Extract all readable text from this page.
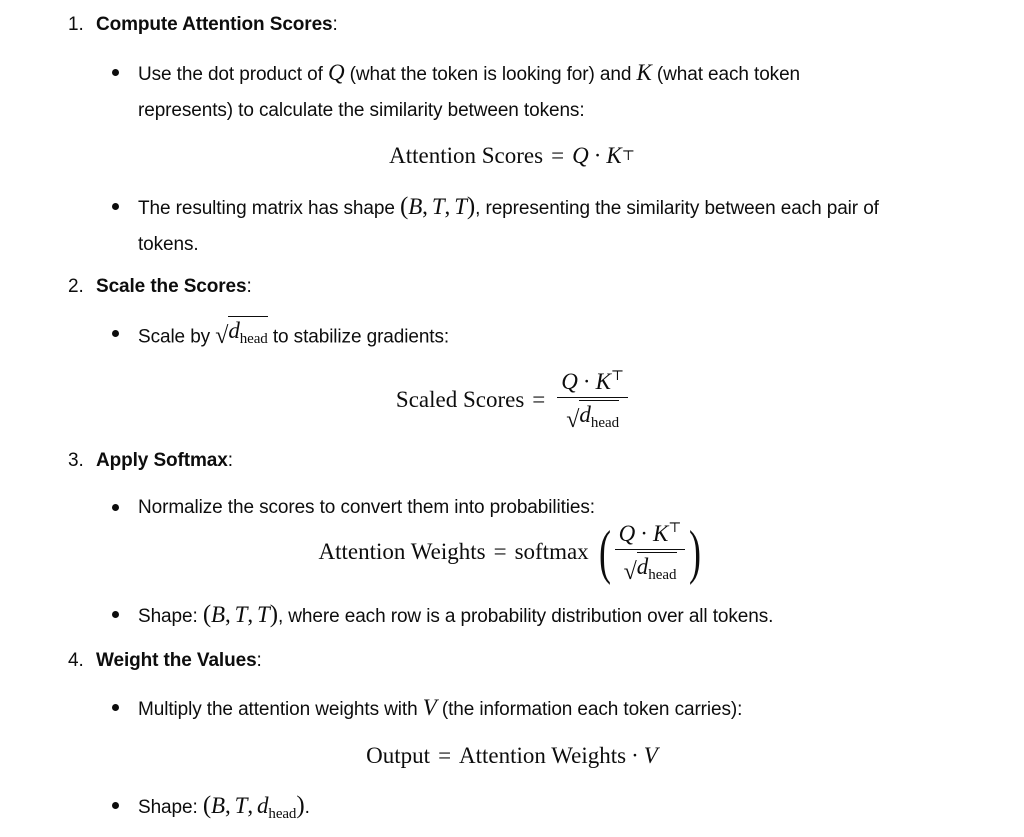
1. Compute Attention Scores:
Use the dot product of Q (what the token is looking for) and K (what each token
represents) to calculate the similarity between tokens:
Attention Scores = Q · K ⊤
The resulting matrix has shape (B, T, T), representing the similarity between each pair of
tokens.
2. Scale the Scores:
Scale by √ $d_{head}$ to stabilize gradients:
Scaled Scores = $\frac{Q \cdot K^⊤}{√ d_{head}}$
3. Apply Softmax:
Normalize the scores to convert them into probabilities:
Attention Weights = softmax ( $\frac{Q \cdot K^⊤}{√ d_{head}}$ )
Shape: (B, T, T), where each row is a probability distribution over all tokens.
4. Weight the Values:
Multiply the attention weights with V (the information each token carries):
Output = Attention Weights · V
Shape: (B, T, $d_{head}$).
